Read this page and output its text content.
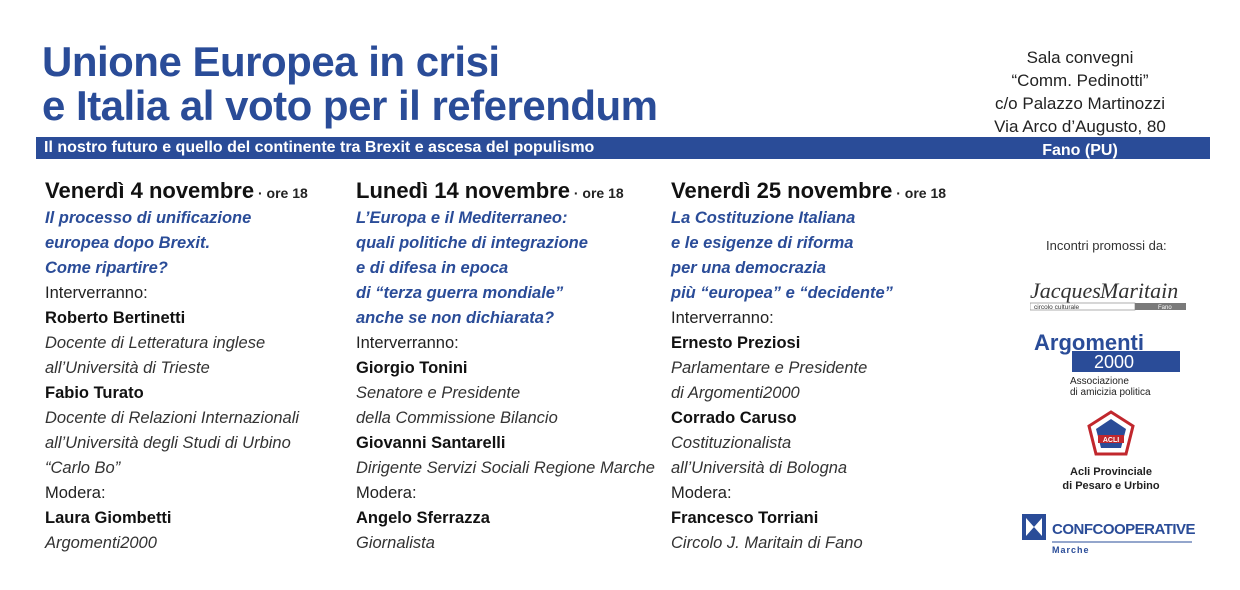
Unione Europea in crisi
e Italia al voto per il referendum
Il nostro futuro e quello del continente tra Brexit e ascesa del populismo
Sala convegni
“Comm. Pedinotti”
c/o Palazzo Martinozzi
Via Arco d’Augusto, 80
Fano (PU)
Venerdì 4 novembre · ore 18
Il processo di unificazione
europea dopo Brexit.
Come ripartire?
Interverranno:
Roberto Bertinetti
Docente di Letteratura inglese
all’Università di Trieste
Fabio Turato
Docente di Relazioni Internazionali
all’Università degli Studi di Urbino
“Carlo Bo”
Modera:
Laura Giombetti
Argomenti2000
Lunedì 14 novembre · ore 18
L’Europa e il Mediterraneo:
quali politiche di integrazione
e di difesa in epoca
di “terza guerra mondiale”
anche se non dichiarata?
Interverranno:
Giorgio Tonini
Senatore e Presidente
della Commissione Bilancio
Giovanni Santarelli
Dirigente Servizi Sociali Regione Marche
Modera:
Angelo Sferrazza
Giornalista
Venerdì 25 novembre · ore 18
La Costituzione Italiana
e le esigenze di riforma
per una democrazia
più “europea” e “decidente”
Interverranno:
Ernesto Preziosi
Parlamentare e Presidente
di Argomenti2000
Corrado Caruso
Costituzionalista
all’Università di Bologna
Modera:
Francesco Torriani
Circolo J. Maritain di Fano
Incontri promossi da:
Jacques Maritain
circolo culturale	Fano
Argomenti
2000
Associazione
di amicizia politica
ACLI
Acli Provinciale
di Pesaro e Urbino
CONFCOOPERATIVE
Marche
